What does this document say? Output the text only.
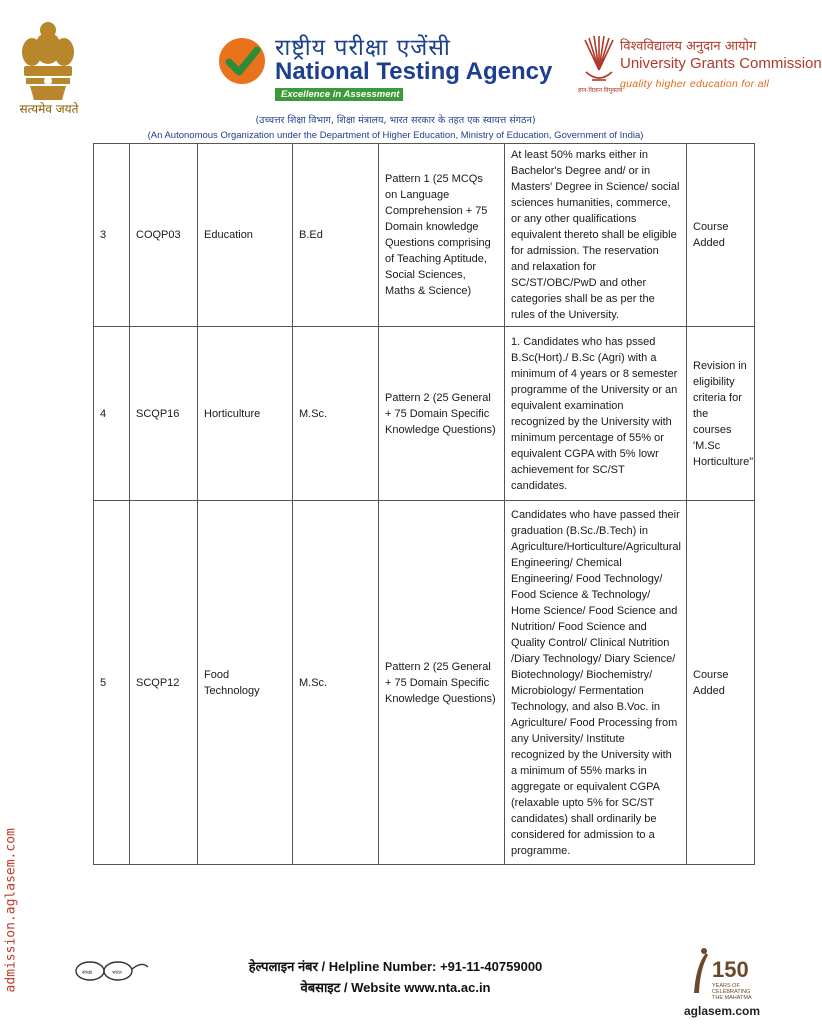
सत्यमेव जयते
राष्ट्रीय परीक्षा एजेंसी
National Testing Agency
Excellence in Assessment	ज्ञान-विज्ञान विमुक्तये
विश्वविद्यालय अनुदान आयोग
University Grants Commission
quality higher education for all
(उच्चत्तर शिक्षा विभाग, शिक्षा मंत्रालय, भारत सरकार के तहत एक स्वायत्त संगठन)
(An Autonomous Organization under the Department of Higher Education, Ministry of Education, Government of India)
3	COQP03	Education	B.Ed	Pattern 1 (25 MCQs on Language Comprehension + 75 Domain knowledge Questions comprising of Teaching Aptitude, Social Sciences, Maths & Science)	At least 50% marks either in Bachelor's Degree and/ or in Masters' Degree in Science/ social sciences humanities, commerce, or any other qualifications equivalent thereto shall be eligible for admission. The reservation and relaxation for SC/ST/OBC/PwD and other categories shall be as per the rules of the University.	Course Added
4	SCQP16	Horticulture	M.Sc.	Pattern 2 (25 General + 75 Domain Specific Knowledge Questions)	1. Candidates who has pssed B.Sc(Hort)./ B.Sc (Agri) with a minimum of 4 years or 8 semester programme of the University or an equivalent examination recognized by the University with minimum percentage of 55% or equivalent CGPA with 5% lowr achievement for SC/ST candidates.	Revision in eligibility criteria for the courses 'M.Sc Horticulture"
5	SCQP12	Food Technology	M.Sc.	Pattern 2 (25 General + 75 Domain Specific Knowledge Questions)	Candidates who have passed their graduation (B.Sc./B.Tech) in Agriculture/Horticulture/Agricultural Engineering/ Chemical Engineering/ Food Technology/ Food Science & Technology/ Home Science/ Food Science and Nutrition/ Food Science and Quality Control/ Clinical Nutrition /Diary Technology/ Diary Science/ Biotechnology/ Biochemistry/ Microbiology/ Fermentation Technology, and also B.Voc. in Agriculture/ Food Processing from any University/ Institute recognized by the University with a minimum of 55% marks in aggregate or equivalent CGPA (relaxable upto 5% for SC/ST candidates) shall ordinarily be considered for admission to a programme.	Course Added
admission.aglasem.com	स्वच्छ	भारत	हेल्पलाइन नंबर / Helpline Number: +91-11-40759000
वेबसाइट / Website www.nta.ac.in
150
YEARS OF
CELEBRATING
THE MAHATMA
aglasem.com
